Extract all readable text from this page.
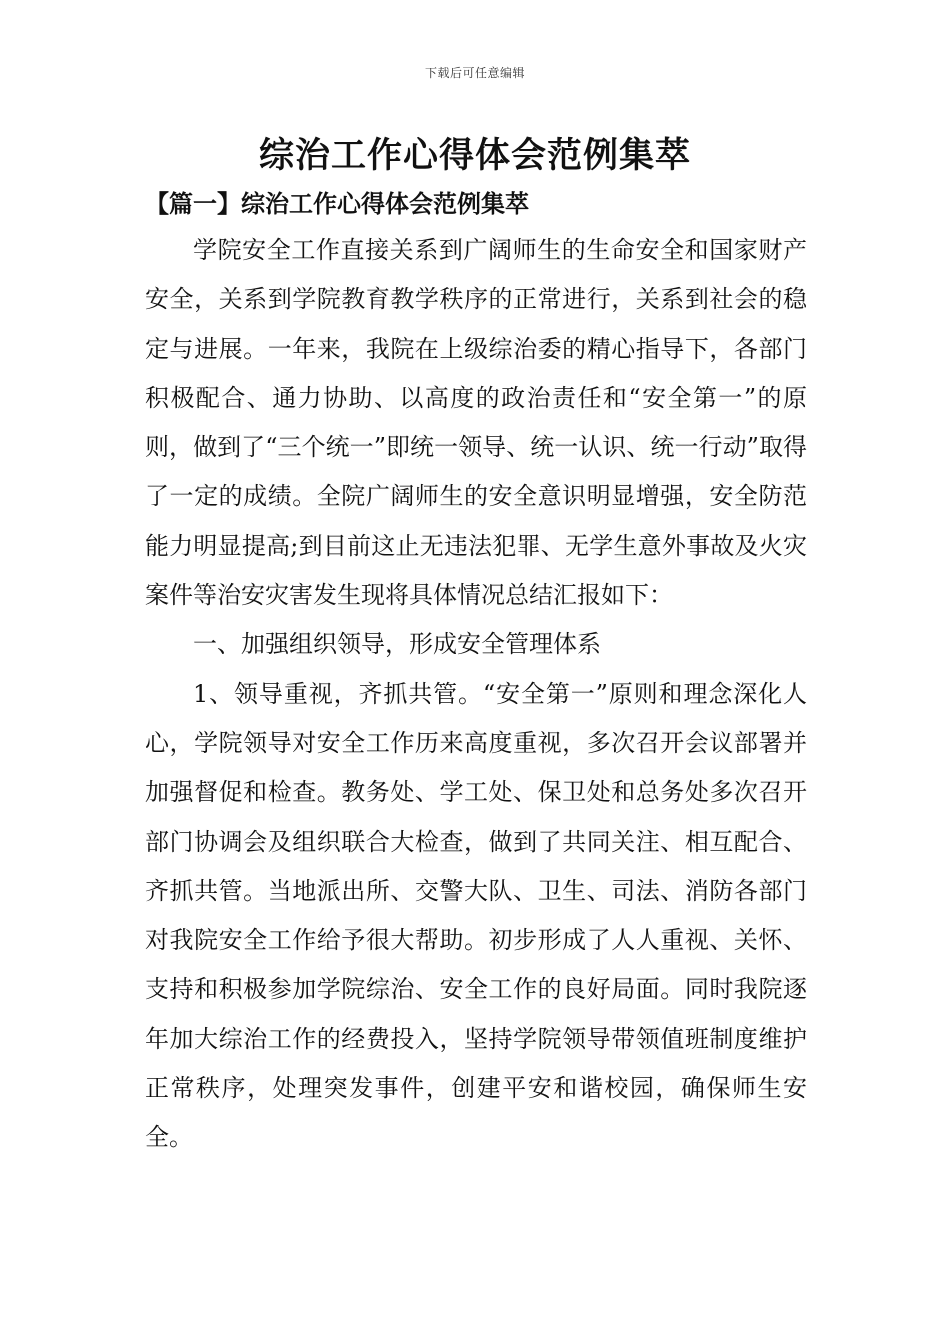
下载后可任意编辑
综治工作心得体会范例集萃
【篇一】综治工作心得体会范例集萃

学院安全工作直接关系到广阔师生的生命安全和国家财产安全，关系到学院教育教学秩序的正常进行，关系到社会的稳定与进展。一年来，我院在上级综治委的精心指导下，各部门积极配合、通力协助、以高度的政治责任和“安全第一”的原则，做到了“三个统一”即统一领导、统一认识、统一行动”取得了一定的成绩。全院广阔师生的安全意识明显增强，安全防范能力明显提高;到目前这止无违法犯罪、无学生意外事故及火灾案件等治安灾害发生现将具体情况总结汇报如下：

一、加强组织领导，形成安全管理体系

1、领导重视，齐抓共管。“安全第一”原则和理念深化人心，学院领导对安全工作历来高度重视，多次召开会议部署并加强督促和检查。教务处、学工处、保卫处和总务处多次召开部门协调会及组织联合大检查，做到了共同关注、相互配合、齐抓共管。当地派出所、交警大队、卫生、司法、消防各部门对我院安全工作给予很大帮助。初步形成了人人重视、关怀、支持和积极参加学院综治、安全工作的良好局面。同时我院逐年加大综治工作的经费投入，坚持学院领导带领值班制度维护正常秩序，处理突发事件，创建平安和谐校园，确保师生安全。
